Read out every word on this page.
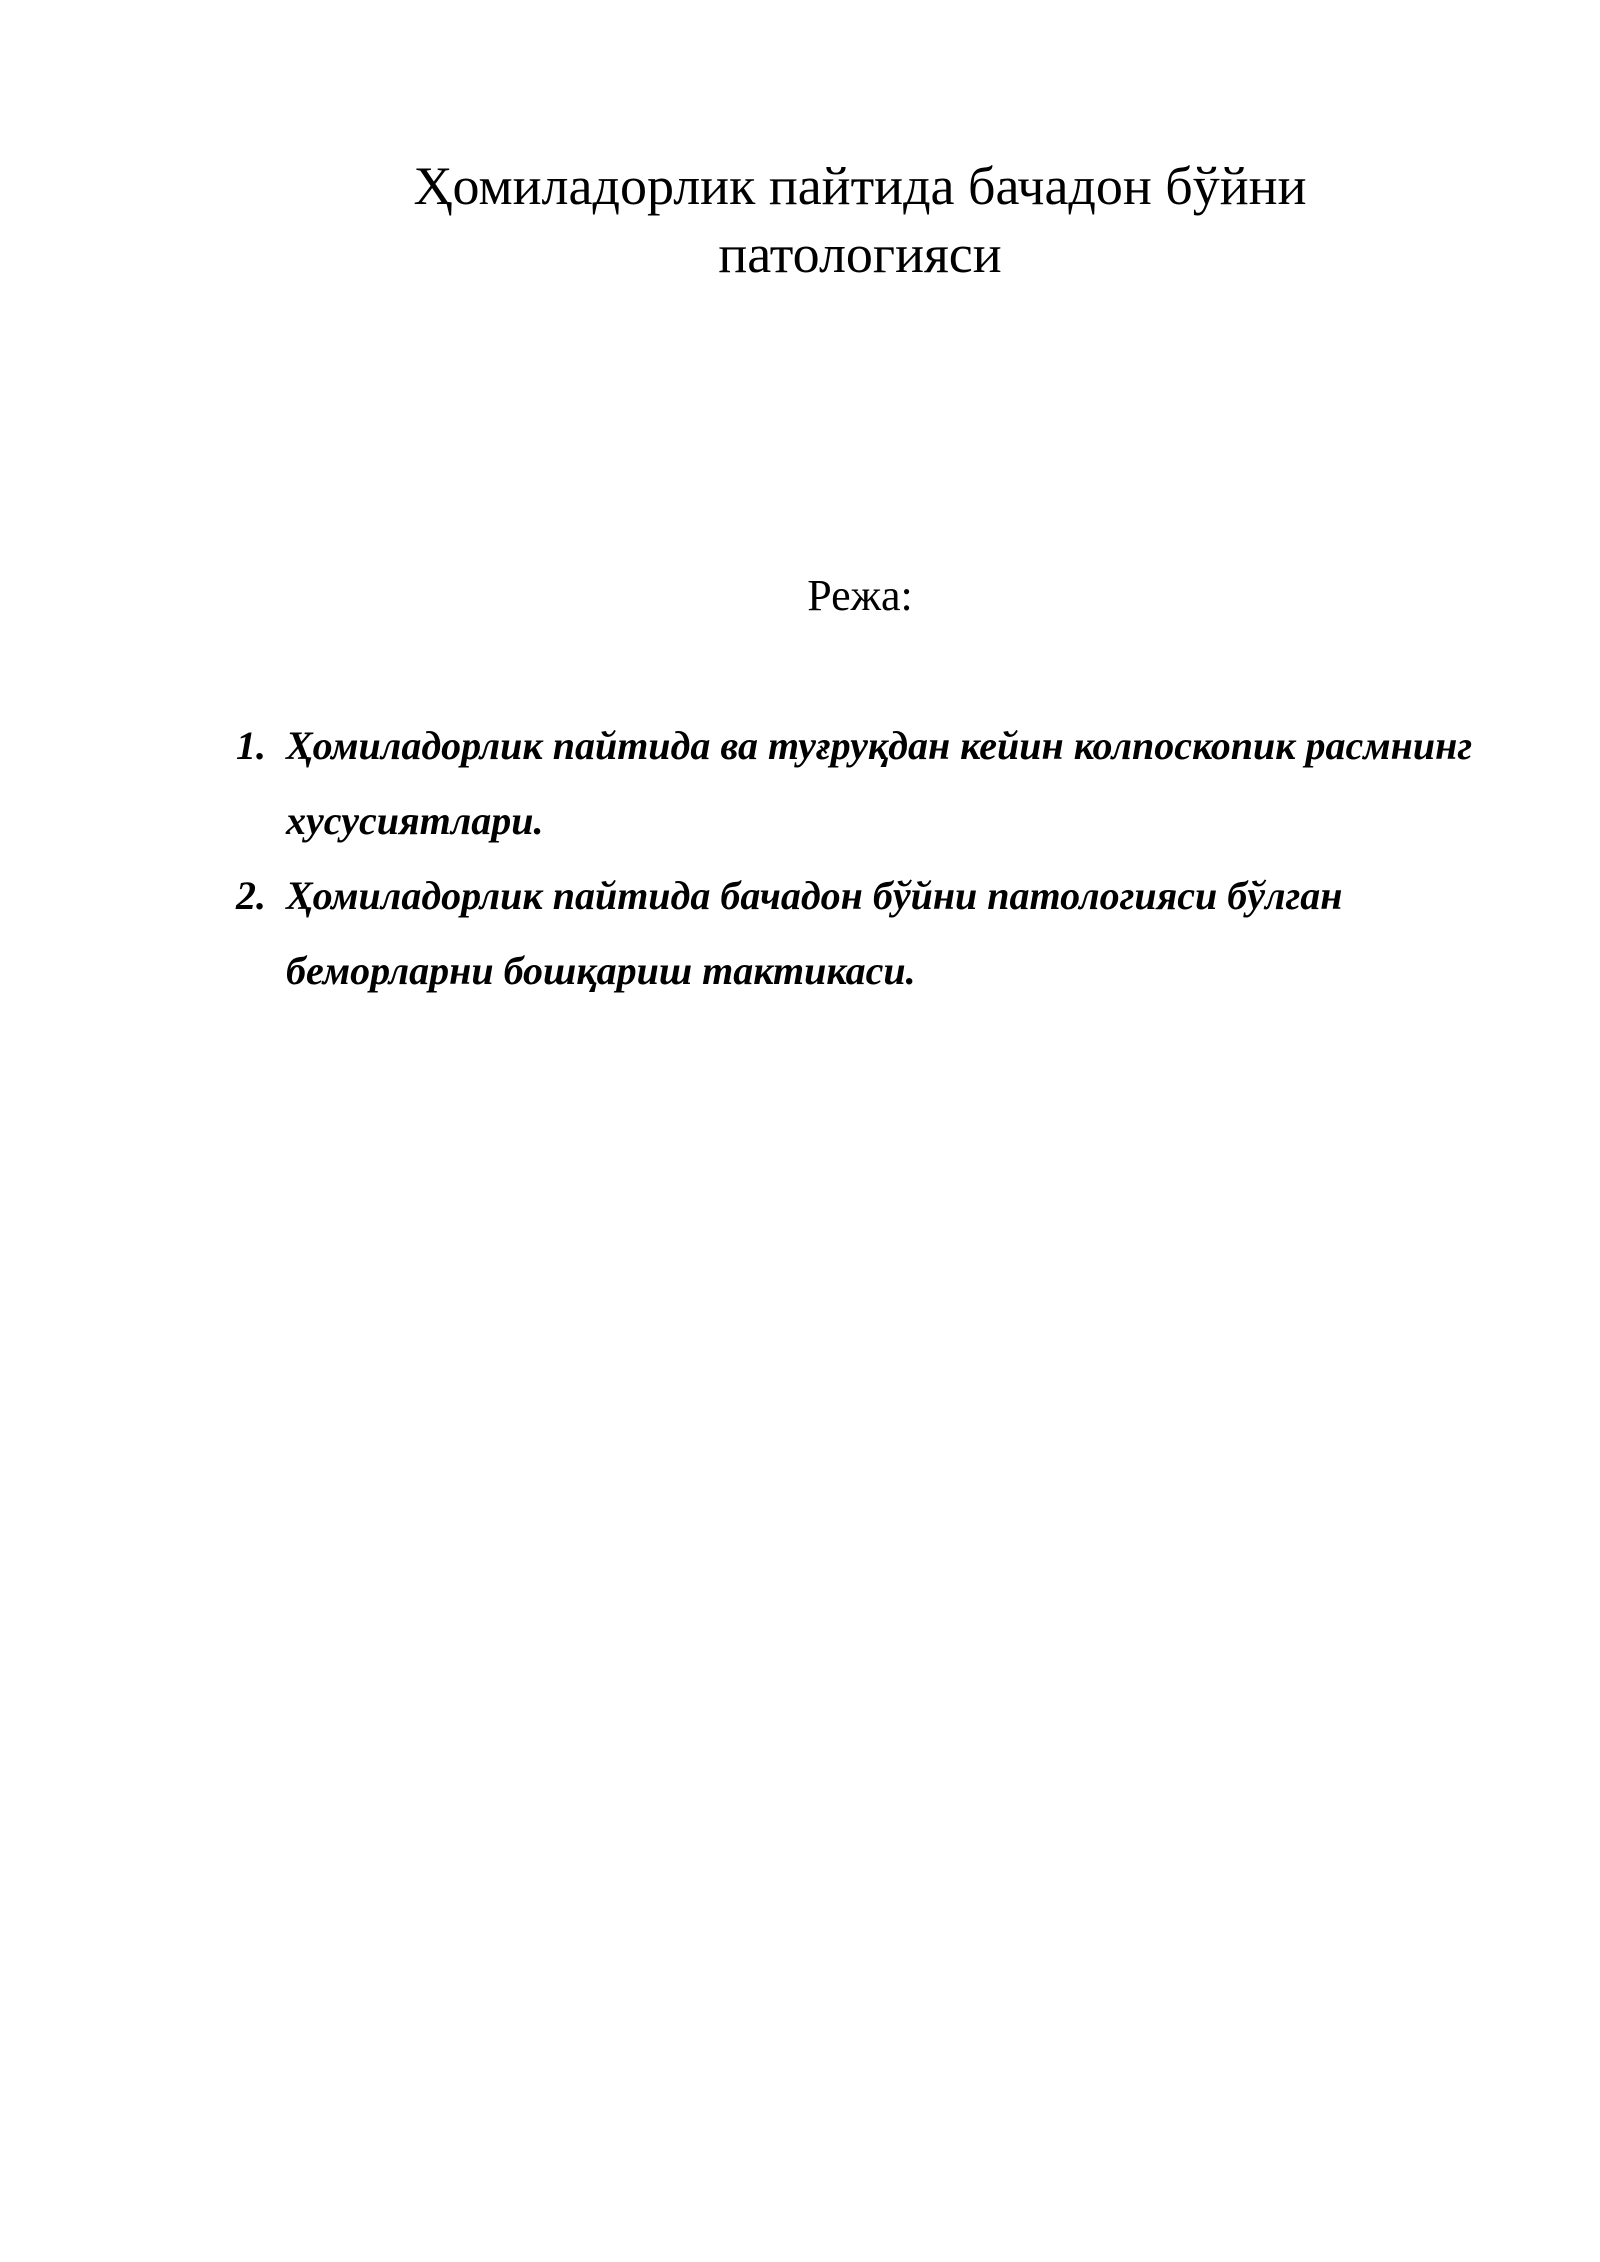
Ҳомиладорлик пайтида бачадон бўйни патологияси
Режа:
1. Ҳомиладорлик пайтида ва туғруқдан кейин колпоскопик расмнинг хусусиятлари.
2. Ҳомиладорлик пайтида бачадон бўйни патологияси бўлган беморларни бошқариш тактикаси.
